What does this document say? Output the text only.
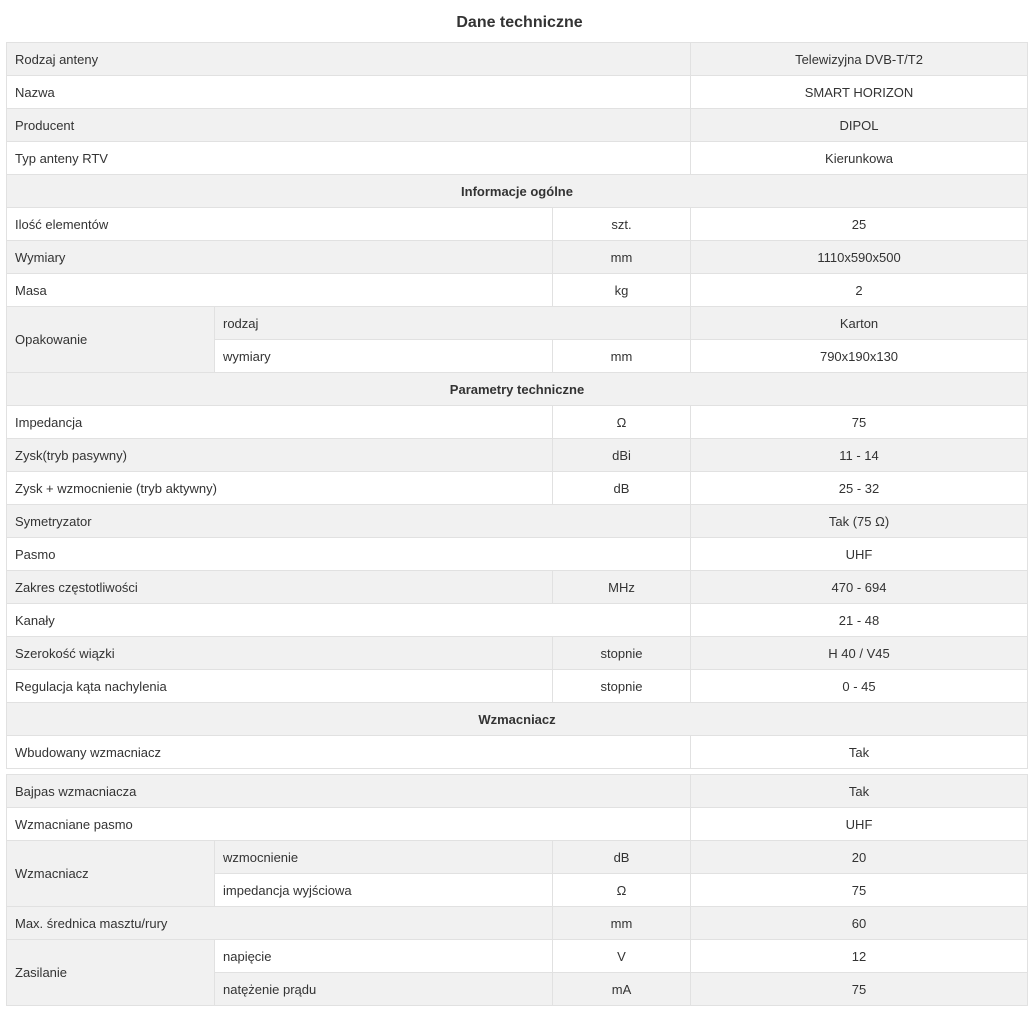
Dane techniczne
Rodzaj anteny			Telewizyjna DVB-T/T2
Nazwa			SMART HORIZON
Producent			DIPOL
Typ anteny RTV			Kierunkowa
Informacje ogólne			
Ilość elementów		szt.	25
Wymiary		mm	1110x590x500
Masa		kg	2
Opakowanie	rodzaj		Karton
	wymiary	mm	790x190x130
Parametry techniczne			
Impedancja		Ω	75
Zysk(tryb pasywny)		dBi	11 - 14
Zysk + wzmocnienie (tryb aktywny)		dB	25 - 32
Symetryzator			Tak (75 Ω)
Pasmo			UHF
Zakres częstotliwości		MHz	470 - 694
Kanały			21 - 48
Szerokość wiązki		stopnie	H 40 / V45
Regulacja kąta nachylenia		stopnie	0 - 45
Wzmacniacz			
Wbudowany wzmacniacz			Tak
Bajpas wzmacniacza			Tak
Wzmacniane pasmo			UHF
Wzmacniacz	wzmocnienie	dB	20
	impedancja wyjściowa	Ω	75
Max. średnica masztu/rury		mm	60
Zasilanie	napięcie	V	12
	natężenie prądu	mA	75
